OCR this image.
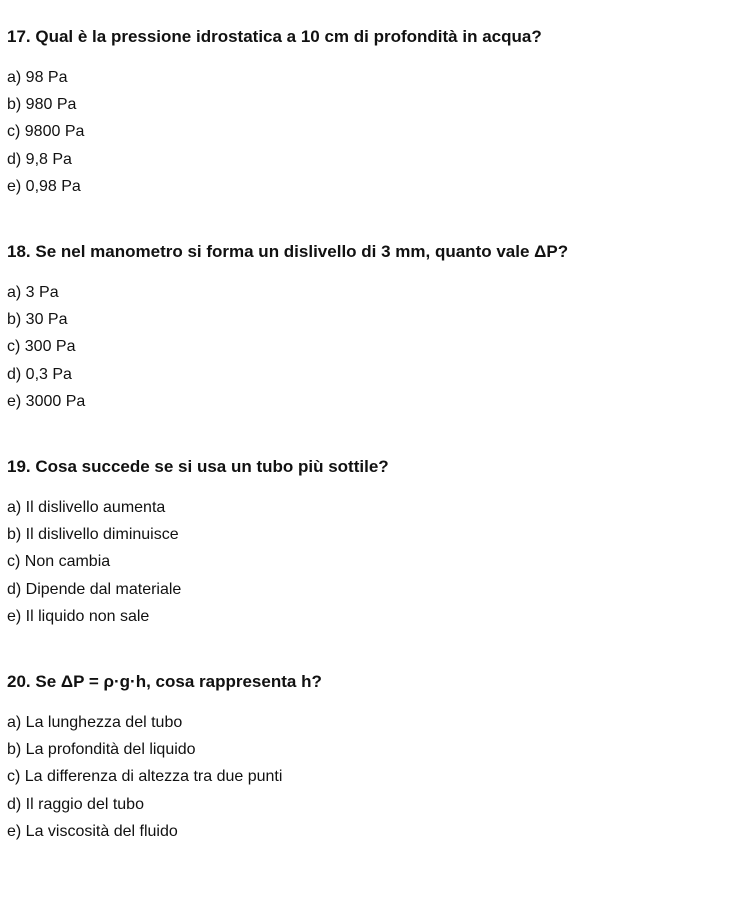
17. Qual è la pressione idrostatica a 10 cm di profondità in acqua?
a) 98 Pa
b) 980 Pa
c) 9800 Pa
d) 9,8 Pa
e) 0,98 Pa
18. Se nel manometro si forma un dislivello di 3 mm, quanto vale ΔP?
a) 3 Pa
b) 30 Pa
c) 300 Pa
d) 0,3 Pa
e) 3000 Pa
19. Cosa succede se si usa un tubo più sottile?
a) Il dislivello aumenta
b) Il dislivello diminuisce
c) Non cambia
d) Dipende dal materiale
e) Il liquido non sale
20. Se ΔP = ρ·g·h, cosa rappresenta h?
a) La lunghezza del tubo
b) La profondità del liquido
c) La differenza di altezza tra due punti
d) Il raggio del tubo
e) La viscosità del fluido
